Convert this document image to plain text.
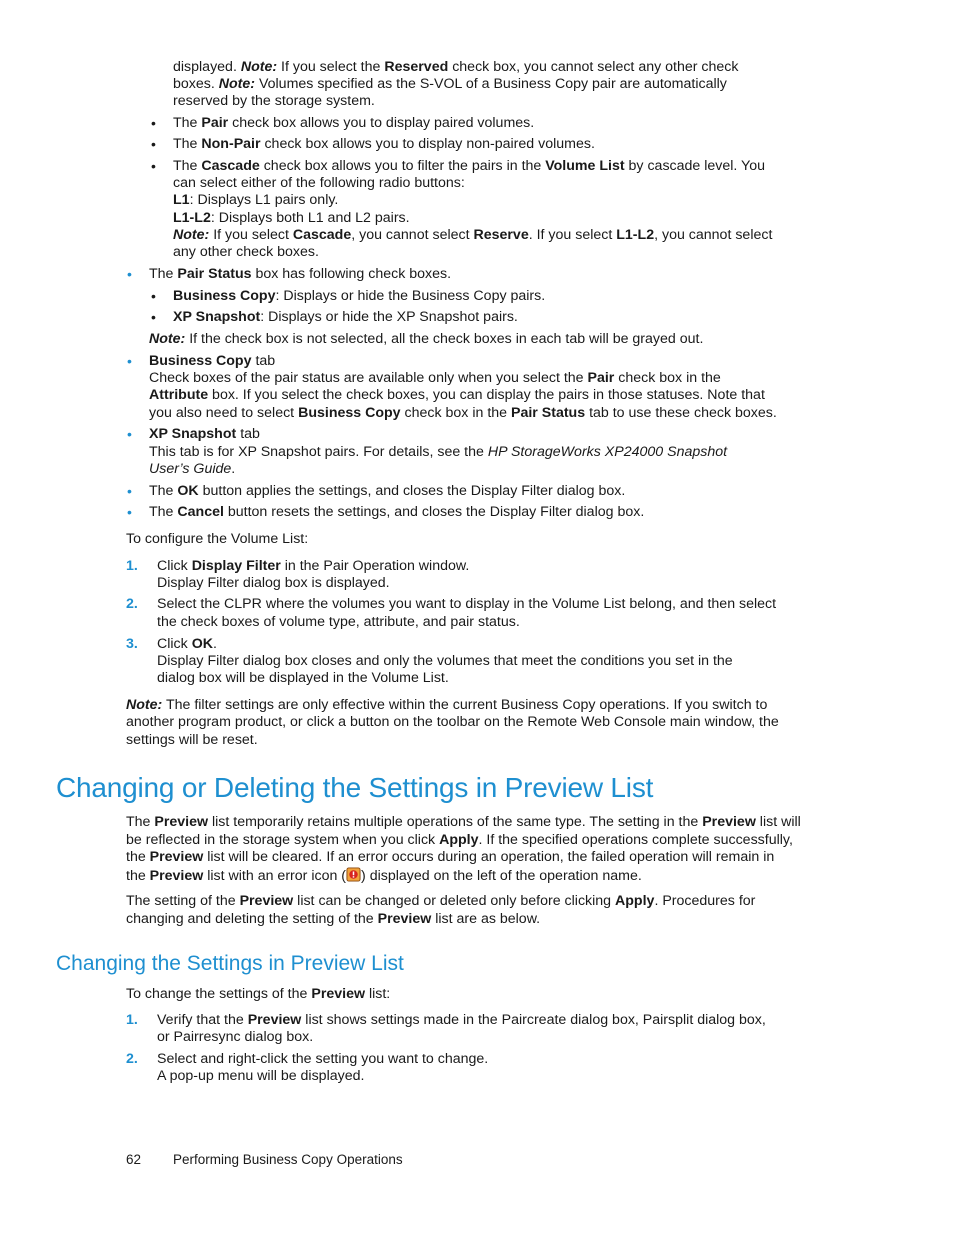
displayed. Note: If you select the Reserved check box, you cannot select any other check

boxes. Note: Volumes specified as the S-VOL of a Business Copy pair are automatically

reserved by the storage system.

• The Pair check box allows you to display paired volumes.

• The Non-Pair check box allows you to display non-paired volumes.

• The Cascade check box allows you to filter the pairs in the Volume List by cascade level. You

can select either of the following radio buttons:

L1: Displays L1 pairs only.

L1-L2: Displays both L1 and L2 pairs.

Note: If you select Cascade, you cannot select Reserve. If you select L1-L2, you cannot select

any other check boxes.

• The Pair Status box has following check boxes.

• Business Copy: Displays or hide the Business Copy pairs.

• XP Snapshot: Displays or hide the XP Snapshot pairs.

Note: If the check box is not selected, all the check boxes in each tab will be grayed out.

• Business Copy tab

Check boxes of the pair status are available only when you select the Pair check box in the

Attribute box. If you select the check boxes, you can display the pairs in those statuses. Note that

you also need to select Business Copy check box in the Pair Status tab to use these check boxes.

• XP Snapshot tab

This tab is for XP Snapshot pairs. For details, see the HP StorageWorks XP24000 Snapshot

User’s Guide.

• The OK button applies the settings, and closes the Display Filter dialog box.

• The Cancel button resets the settings, and closes the Display Filter dialog box.

To configure the Volume List:

1. Click Display Filter in the Pair Operation window.

Display Filter dialog box is displayed.

2. Select the CLPR where the volumes you want to display in the Volume List belong, and then select

the check boxes of volume type, attribute, and pair status.

3. Click OK.

Display Filter dialog box closes and only the volumes that meet the conditions you set in the

dialog box will be displayed in the Volume List.

Note: The filter settings are only effective within the current Business Copy operations. If you switch to

another program product, or click a button on the toolbar on the Remote Web Console main window, the

settings will be reset.

Changing or Deleting the Settings in Preview List

The Preview list temporarily retains multiple operations of the same type. The setting in the Preview list will

be reflected in the storage system when you click Apply. If the specified operations complete successfully,

the Preview list will be cleared. If an error occurs during an operation, the failed operation will remain in

the Preview list with an error icon ( ) displayed on the left of the operation name.

The setting of the Preview list can be changed or deleted only before clicking Apply. Procedures for

changing and deleting the setting of the Preview list are as below.

Changing the Settings in Preview List

To change the settings of the Preview list:

1. Verify that the Preview list shows settings made in the Paircreate dialog box, Pairsplit dialog box,

or Pairresync dialog box.

2. Select and right-click the setting you want to change.

A pop-up menu will be displayed.

62 Performing Business Copy Operations
